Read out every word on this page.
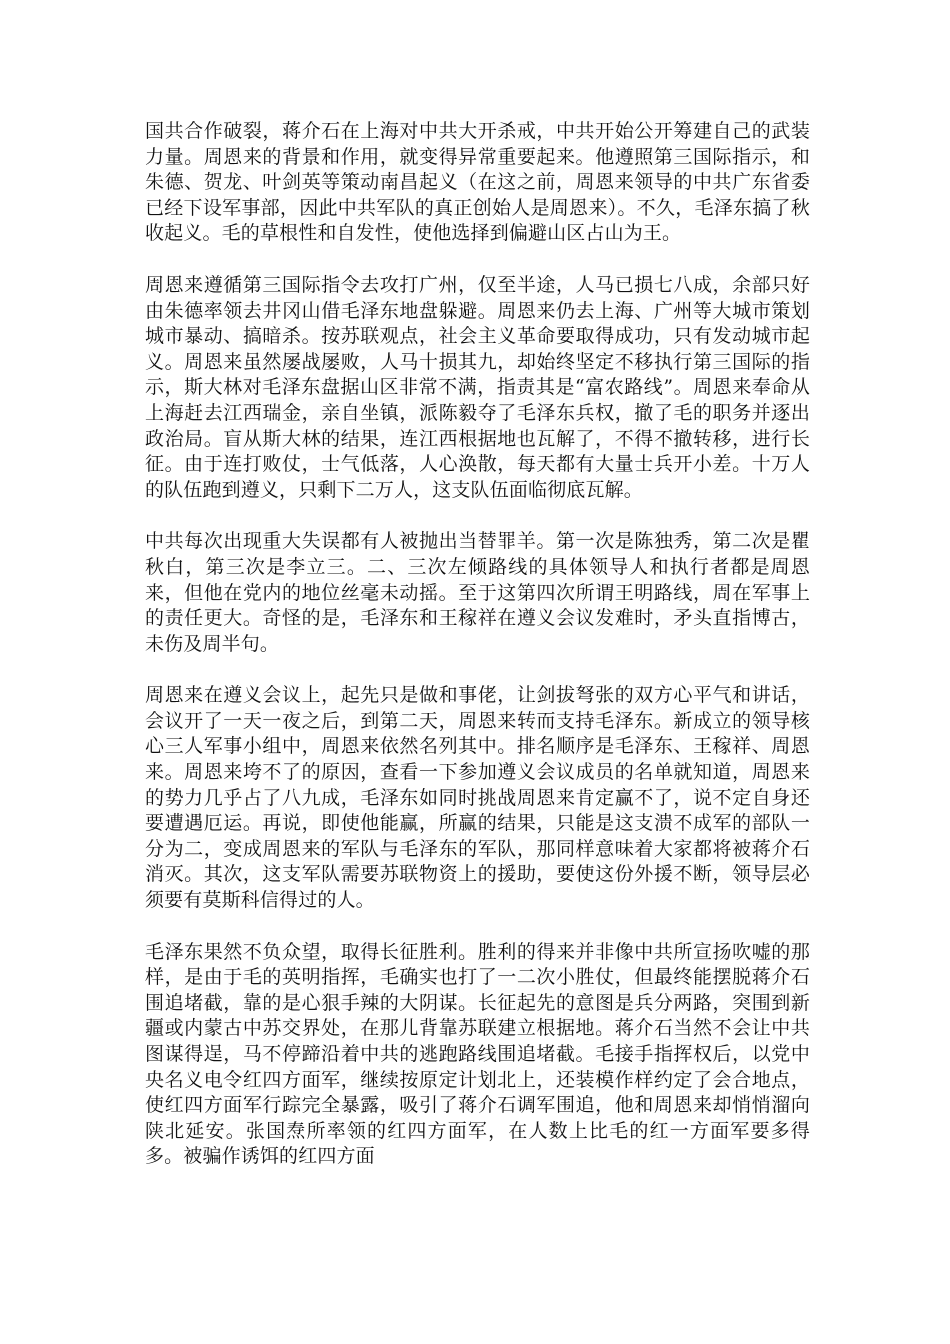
国共合作破裂，蒋介石在上海对中共大开杀戒，中共开始公开筹建自己的武装力量。周恩来的背景和作用，就变得异常重要起来。他遵照第三国际指示，和朱德、贺龙、叶剑英等策动南昌起义（在这之前，周恩来领导的中共广东省委已经下设军事部，因此中共军队的真正创始人是周恩来）。不久，毛泽东搞了秋收起义。毛的草根性和自发性，使他选择到偏避山区占山为王。

周恩来遵循第三国际指令去攻打广州，仅至半途，人马已损七八成，余部只好由朱德率领去井冈山借毛泽东地盘躲避。周恩来仍去上海、广州等大城市策划城市暴动、搞暗杀。按苏联观点，社会主义革命要取得成功，只有发动城市起义。周恩来虽然屡战屡败，人马十损其九，却始终坚定不移执行第三国际的指示，斯大林对毛泽东盘据山区非常不满，指责其是“富农路线”。周恩来奉命从上海赶去江西瑞金，亲自坐镇，派陈毅夺了毛泽东兵权，撤了毛的职务并逐出政治局。盲从斯大林的结果，连江西根据地也瓦解了，不得不撤转移，进行长征。由于连打败仗，士气低落，人心涣散，每天都有大量士兵开小差。十万人的队伍跑到遵义，只剩下二万人，这支队伍面临彻底瓦解。

中共每次出现重大失误都有人被抛出当替罪羊。第一次是陈独秀，第二次是瞿秋白，第三次是李立三。二、三次左倾路线的具体领导人和执行者都是周恩来，但他在党内的地位丝毫未动摇。至于这第四次所谓王明路线，周在军事上的责任更大。奇怪的是，毛泽东和王稼祥在遵义会议发难时，矛头直指博古，未伤及周半句。

周恩来在遵义会议上，起先只是做和事佬，让剑拔弩张的双方心平气和讲话，会议开了一天一夜之后，到第二天，周恩来转而支持毛泽东。新成立的领导核心三人军事小组中，周恩来依然名列其中。排名顺序是毛泽东、王稼祥、周恩来。周恩来垮不了的原因，查看一下参加遵义会议成员的名单就知道，周恩来的势力几乎占了八九成，毛泽东如同时挑战周恩来肯定赢不了，说不定自身还要遭遇厄运。再说，即使他能赢，所赢的结果，只能是这支溃不成军的部队一分为二，变成周恩来的军队与毛泽东的军队，那同样意味着大家都将被蒋介石消灭。其次，这支军队需要苏联物资上的援助，要使这份外援不断，领导层必须要有莫斯科信得过的人。

毛泽东果然不负众望，取得长征胜利。胜利的得来并非像中共所宣扬吹嘘的那样，是由于毛的英明指挥，毛确实也打了一二次小胜仗，但最终能摆脱蒋介石围追堵截，靠的是心狠手辣的大阴谋。长征起先的意图是兵分两路，突围到新疆或内蒙古中苏交界处，在那儿背靠苏联建立根据地。蒋介石当然不会让中共图谋得逞，马不停蹄沿着中共的逃跑路线围追堵截。毛接手指挥权后，以党中央名义电令红四方面军，继续按原定计划北上，还装模作样约定了会合地点，使红四方面军行踪完全暴露，吸引了蒋介石调军围追，他和周恩来却悄悄溜向陕北延安。张国焘所率领的红四方面军，在人数上比毛的红一方面军要多得多。被骗作诱饵的红四方面
